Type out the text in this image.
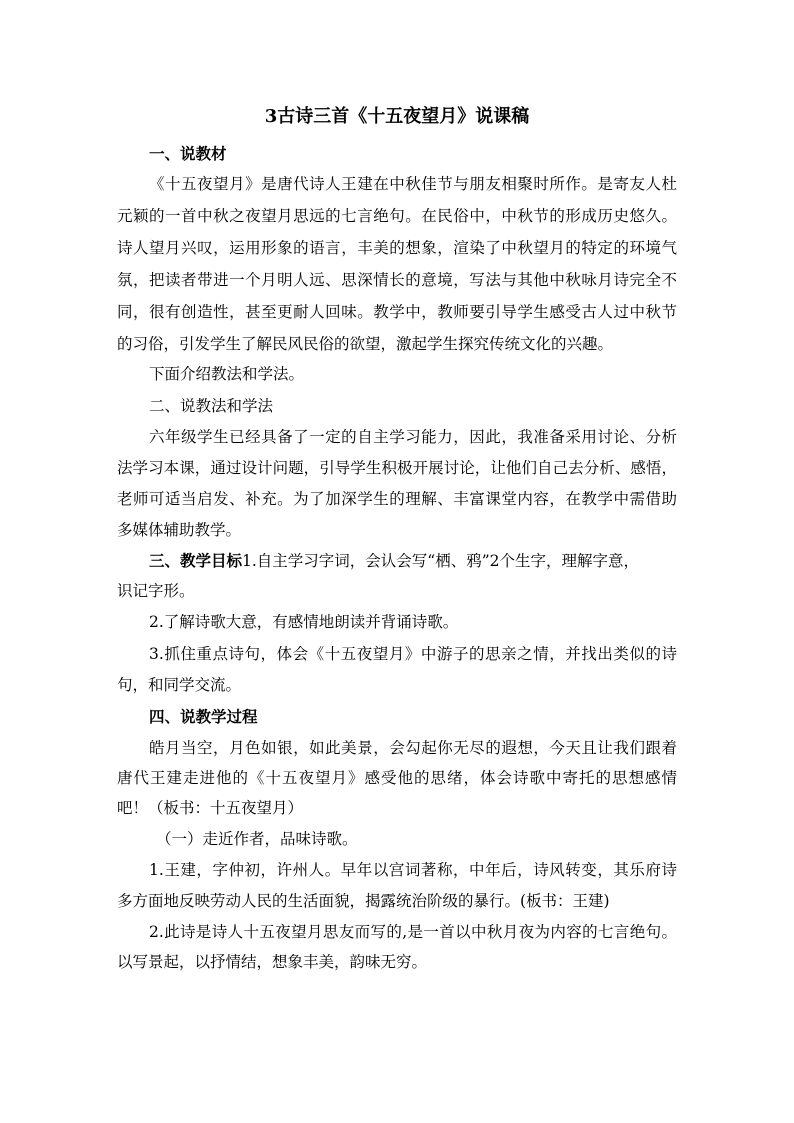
3古诗三首《十五夜望月》说课稿
一、说教材
《十五夜望月》是唐代诗人王建在中秋佳节与朋友相聚时所作。是寄友人杜
元颖的一首中秋之夜望月思远的七言绝句。在民俗中，中秋节的形成历史悠久。
诗人望月兴叹，运用形象的语言，丰美的想象，渲染了中秋望月的特定的环境气
氛，把读者带进一个月明人远、思深情长的意境，写法与其他中秋咏月诗完全不
同，很有创造性，甚至更耐人回味。教学中，教师要引导学生感受古人过中秋节
的习俗，引发学生了解民风民俗的欲望，激起学生探究传统文化的兴趣。
下面介绍教法和学法。
二、说教法和学法
六年级学生已经具备了一定的自主学习能力，因此，我准备采用讨论、分析
法学习本课，通过设计问题，引导学生积极开展讨论，让他们自己去分析、感悟，
老师可适当启发、补充。为了加深学生的理解、丰富课堂内容，在教学中需借助
多媒体辅助教学。
三、教学目标1.自主学习字词，会认会写“栖、鸦”2个生字，理解字意，
识记字形。
2.了解诗歌大意，有感情地朗读并背诵诗歌。
3.抓住重点诗句，体会《十五夜望月》中游子的思亲之情，并找出类似的诗
句，和同学交流。
四、说教学过程
皓月当空，月色如银，如此美景，会勾起你无尽的遐想，今天且让我们跟着
唐代王建走进他的《十五夜望月》感受他的思绪，体会诗歌中寄托的思想感情
吧！（板书：十五夜望月）
（一）走近作者，品味诗歌。
1.王建，字仲初，许州人。早年以宫词著称，中年后，诗风转变，其乐府诗
多方面地反映劳动人民的生活面貌，揭露统治阶级的暴行。(板书：王建)
2.此诗是诗人十五夜望月思友而写的,是一首以中秋月夜为内容的七言绝句。
以写景起，以抒情结，想象丰美，韵味无穷。
